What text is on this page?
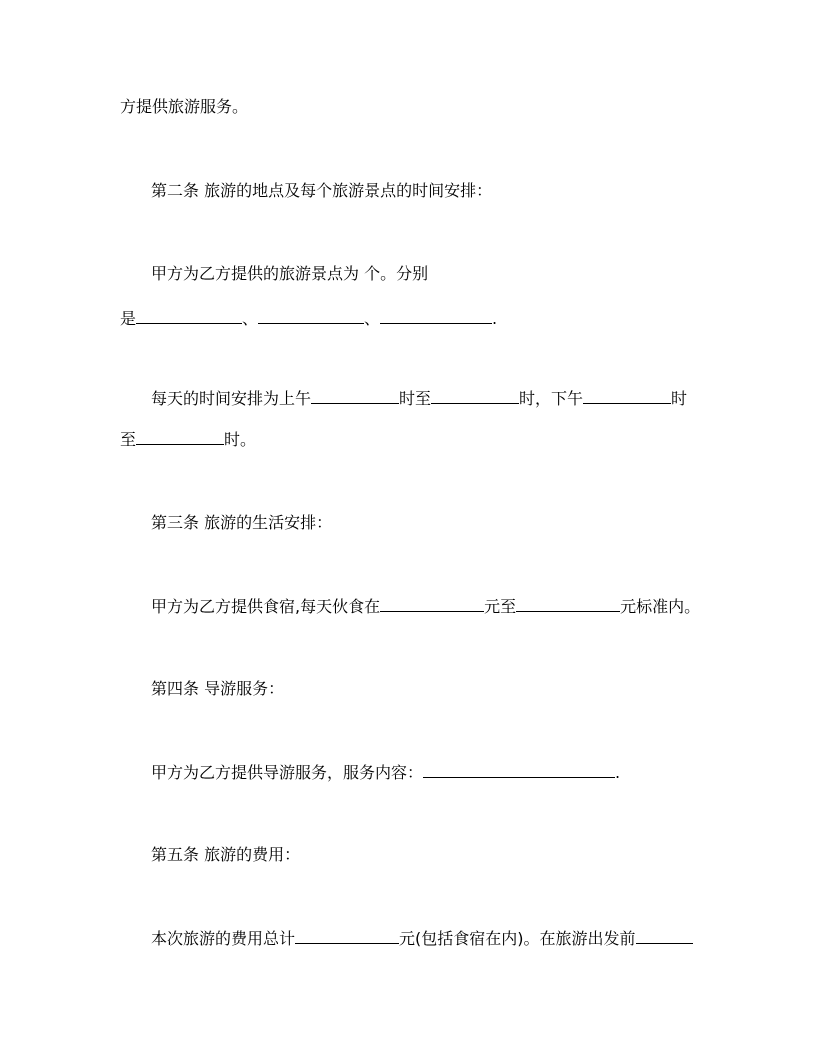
方提供旅游服务。
第二条 旅游的地点及每个旅游景点的时间安排：
甲方为乙方提供的旅游景点为 个。分别
是	、	、	.
每天的时间安排为上午	时至	时，下午	时
至	时。
第三条 旅游的生活安排：
甲方为乙方提供食宿,每天伙食在	元至	元标准内。
第四条 导游服务：
甲方为乙方提供导游服务，服务内容：	.
第五条 旅游的费用：
本次旅游的费用总计	元(包括食宿在内)。在旅游出发前
